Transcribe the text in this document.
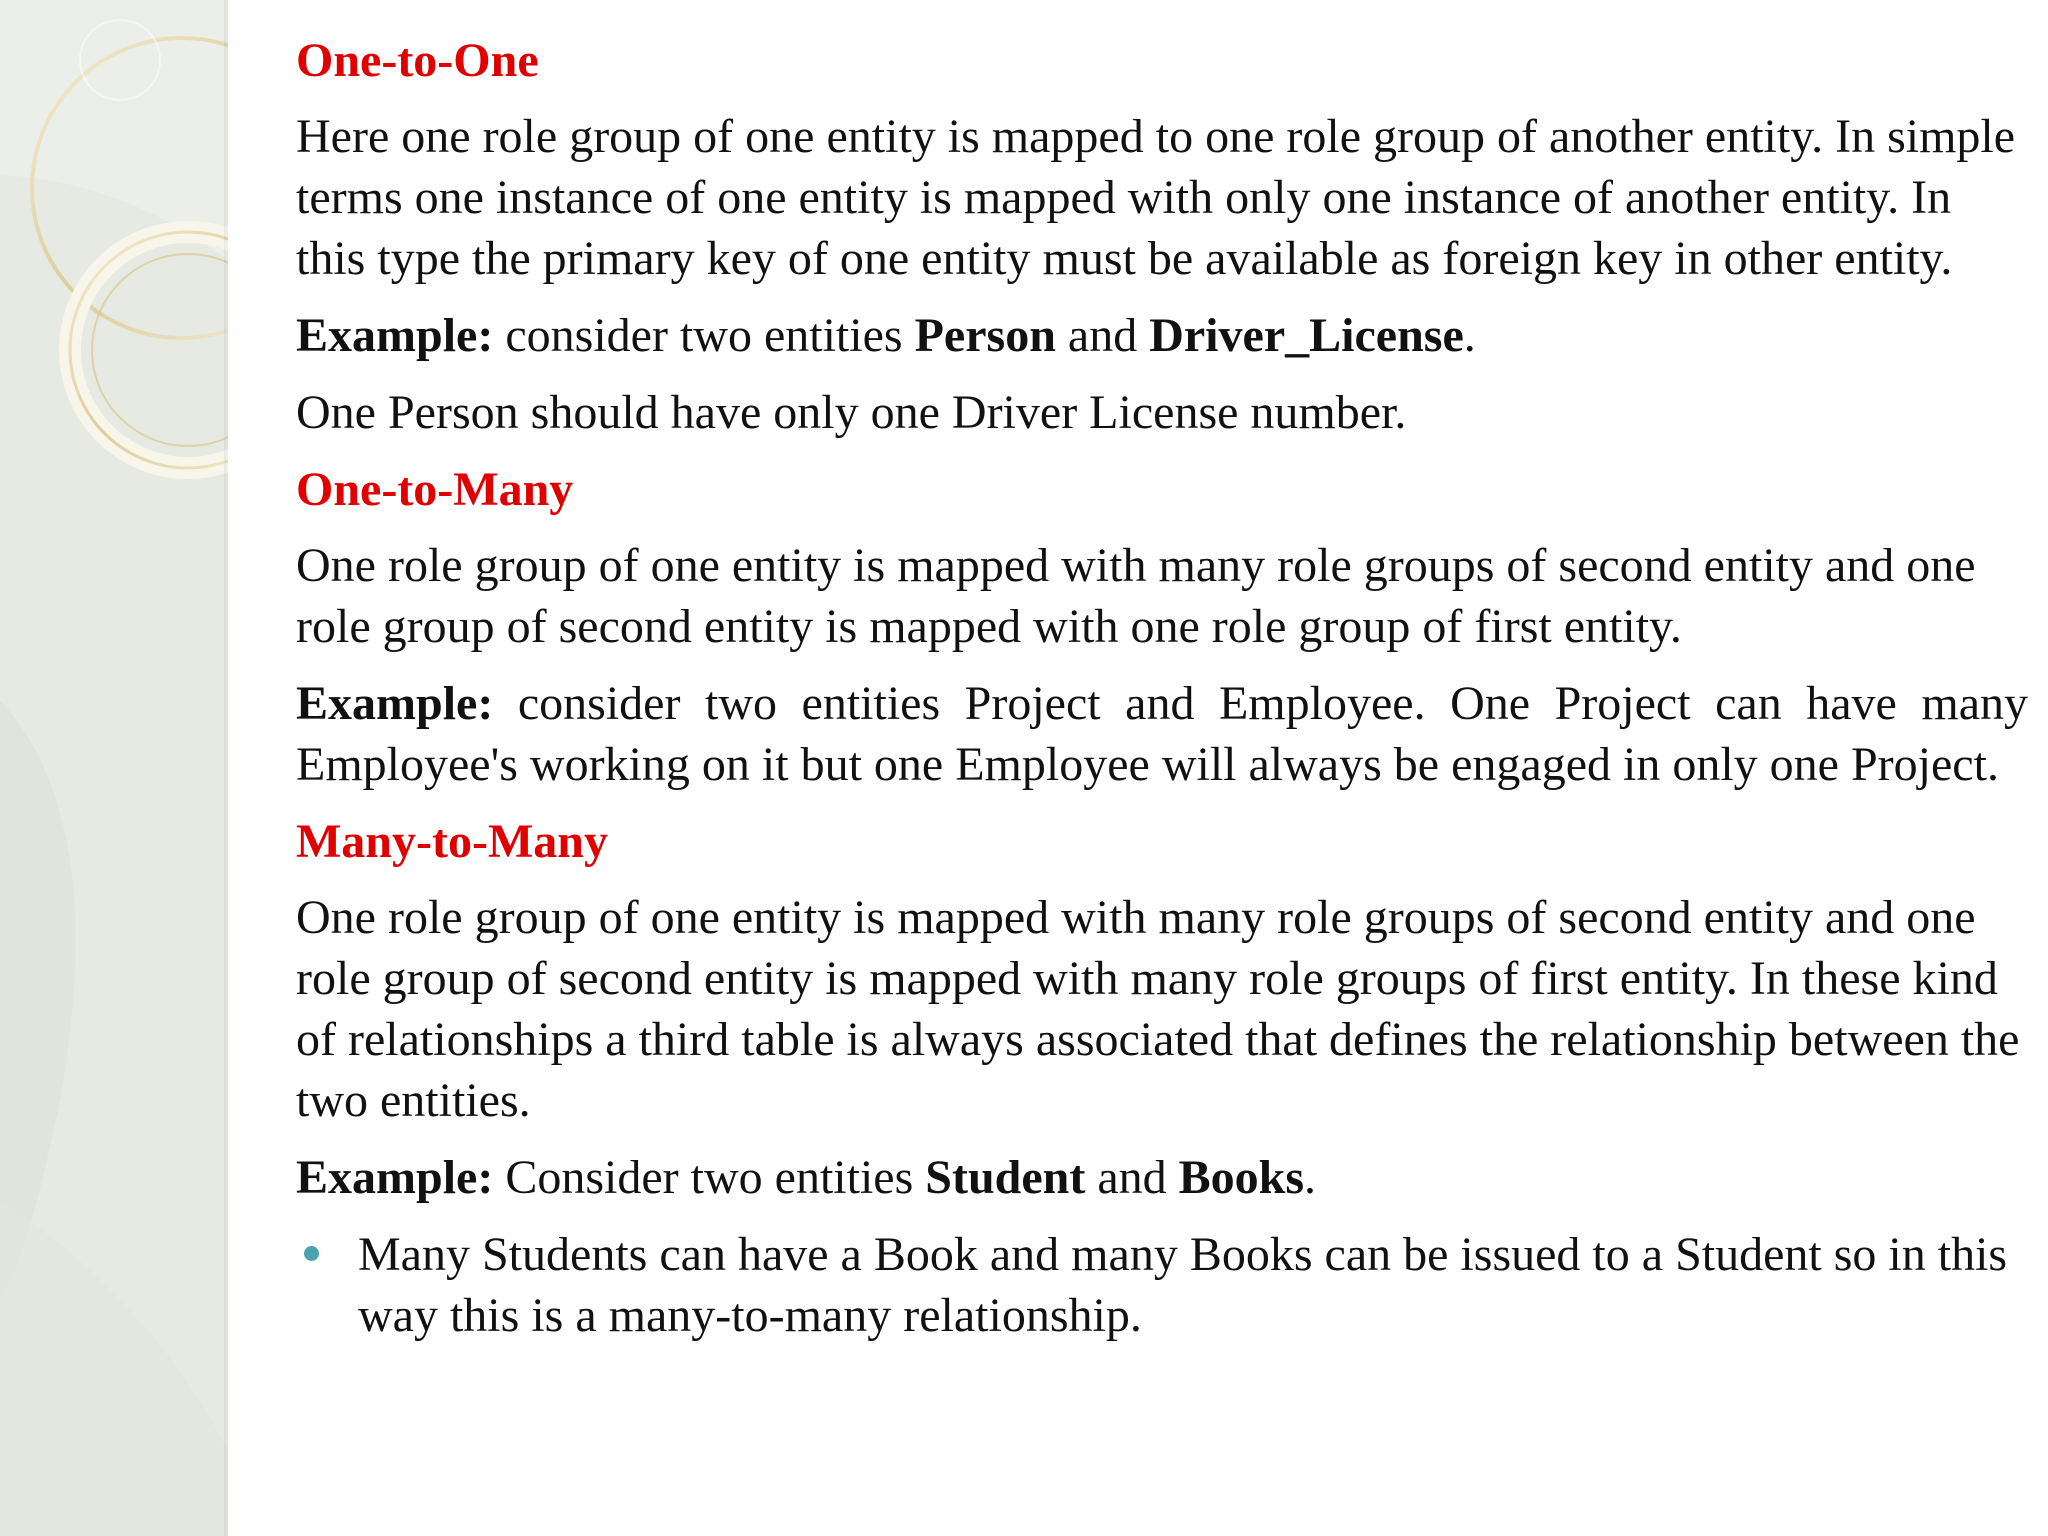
One-to-One
Here one role group of one entity is mapped to one role group of another entity. In simple terms one instance of one entity is mapped with only one instance of another entity. In this type the primary key of one entity must be available as foreign key in other entity.
Example: consider two entities Person and Driver_License.
One Person should have only one Driver License number.
One-to-Many
One role group of one entity is mapped with many role groups of second entity and one role group of second entity is mapped with one role group of first entity.
Example: consider two entities Project and Employee. One Project can have many Employee's working on it but one Employee will always be engaged in only one Project.
Many-to-Many
One role group of one entity is mapped with many role groups of second entity and one role group of second entity is mapped with many role groups of first entity. In these kind of relationships a third table is always associated that defines the relationship between the two entities.
Example: Consider two entities Student and Books.
Many Students can have a Book and many Books can be issued to a Student so in this way this is a many-to-many relationship.
